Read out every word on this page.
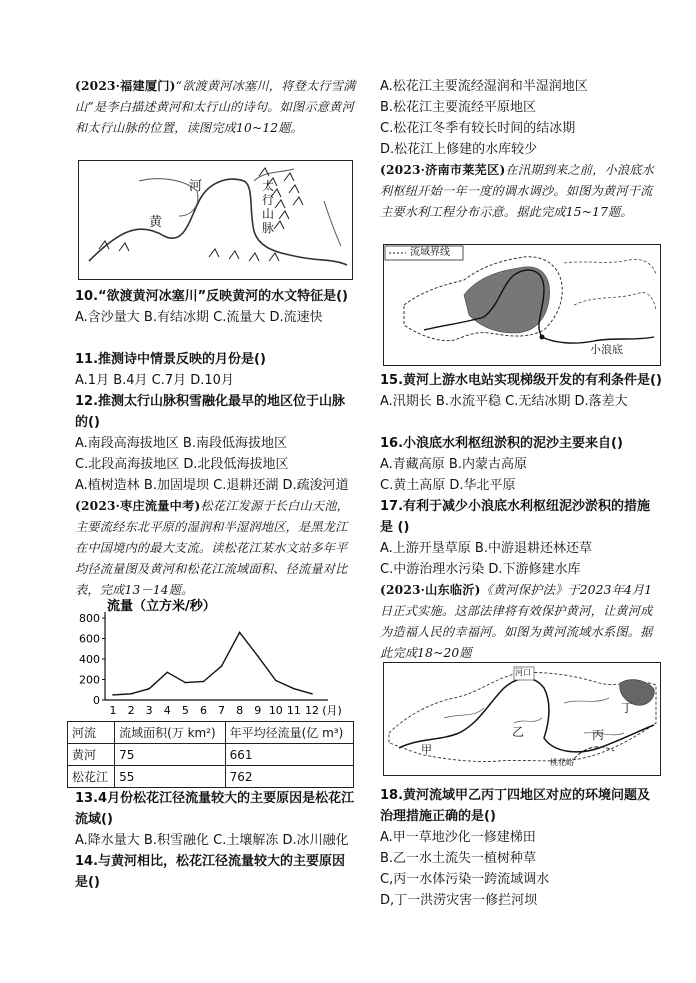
(2023·福建厦门)“欲渡黄河冰塞川，将登太行雪满山”是李白描述黄河和太行山的诗句。如图示意黄河和太行山脉的位置，读图完成10~12题。

河
黄
太行山脉

10.“欲渡黄河冰塞川”反映黄河的水文特征是()

A.含沙量大 B.有结冰期 C.流量大 D.流速快

11.推测诗中情景反映的月份是()

A.1月 B.4月 C.7月 D.10月

12.推测太行山脉积雪融化最早的地区位于山脉的()

A.南段高海拔地区 B.南段低海拔地区

C.北段高海拔地区 D.北段低海拔地区

A.植树造林 B.加固堤坝 C.退耕还湖 D.疏浚河道

(2023·枣庄流量中考)松花江发源于长白山天池，主要流经东北平原的湿润和半湿润地区，是黑龙江在中国境内的最大支流。读松花江某水文站多年平均径流量图及黄河和松花江流域面积、径流量对比表，完成13－14题。

流量（立方米/秒）
0
200
400
600
800
1 2 3 4 5 6 7 8 9 10 11 12 (月)
河流	流域面积(万 km²)	年平均径流量(亿 m³)
黄河	75	661
松花江	55	762

13.4月份松花江径流量较大的主要原因是松花江流域()

A.降水量大 B.积雪融化 C.土壤解冻 D.冰川融化

14.与黄河相比，松花江径流量较大的主要原因是()

A.松花江主要流经湿润和半湿润地区

B.松花江主要流经平原地区

C.松花江冬季有较长时间的结冰期

D.松花江上修建的水库较少

(2023·济南市莱芜区)在汛期到来之前，小浪底水利枢纽开始一年一度的调水调沙。如图为黄河干流主要水利工程分布示意。据此完成15~17题。

流域界线
小浪底

15.黄河上游水电站实现梯级开发的有利条件是()

A.汛期长 B.水流平稳 C.无结冰期 D.落差大

16.小浪底水利枢纽淤积的泥沙主要来自()

A.青藏高原 B.内蒙古高原

C.黄土高原 D.华北平原

17.有利于减少小浪底水利枢纽泥沙淤积的措施是 ()

A.上游开垦草原 B.中游退耕还林还草

C.中游治理水污染 D.下游修建水库

(2023·山东临沂)《黄河保护法》于2023年4月1日正式实施。这部法律将有效保护黄河，让黄河成为造福人民的幸福河。如图为黄河流域水系图。据此完成18~20题

河口
甲
乙	丙
丁
桃花峪

18.黄河流域甲乙丙丁四地区对应的环境问题及治理措施正确的是()

A.甲一草地沙化一修建梯田

B.乙一水土流失一植树种草

C,丙一水体污染一跨流域调水

D,丁一洪涝灾害一修拦河坝
